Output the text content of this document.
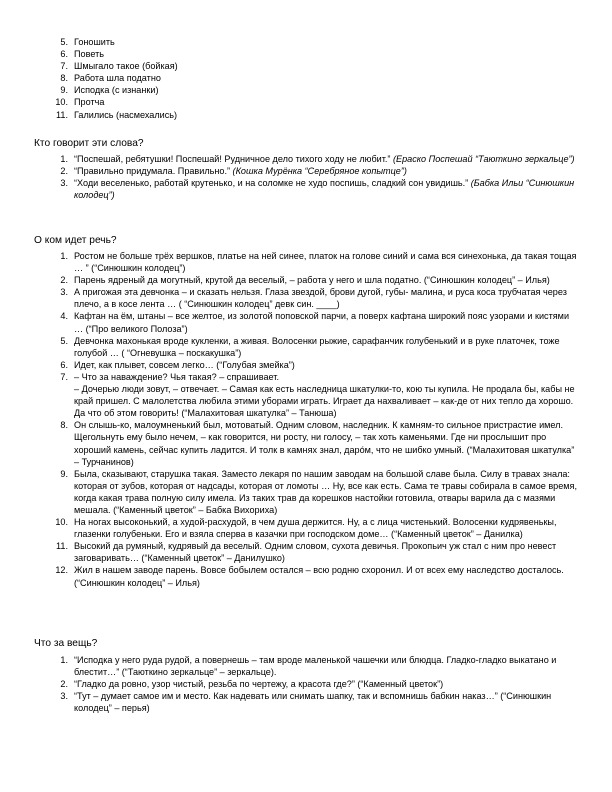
5. Гоношить
6. Поветь
7. Шмыгало такое (бойкая)
8. Работа шла податно
9. Исподка (с изнанки)
10. Протча
11. Галились (насмехались)
Кто говорит эти слова?
1. “Поспешай, ребятушки! Поспешай! Рудничное дело тихого ходу не любит.” (Ераско Поспешай “Таюткино зеркальце”)
2. “Правильно придумала. Правильно.” (Кошка Мурёнка “Серебряное копытце”)
3. “Ходи веселенько, работай крутенько, и на соломке не худо поспишь, сладкий сон увидишь.” (Бабка Ильи “Синюшкин колодец”)
О ком идет речь?
1. Ростом не больше трёх вершков, платье на ней синее, платок на голове синий и сама вся синехонька, да такая тощая … ” (“Синюшкин колодец”)
2. Парень ядреный да могутный, крутой да веселый, – работа у него и шла податно. (“Синюшкин колодец” – Илья)
3. А пригожая эта девчонка – и сказать нельзя. Глаза звездой, брови дугой, губы- малина, и руса коса трубчатая через плечо, а в косе лента … ( “Синюшкин колодец” девк син. ____)
4. Кафтан на ём, штаны – все желтое, из золотой поповской парчи, а поверх кафтана широкий пояс узорами и кистями … (“Про великого Полоза”)
5. Девчонка махонькая вроде кукленки, а живая. Волосенки рыжие, сарафанчик голубенький и в руке платочек, тоже голубой … ( “Огневушка – поскакушка”)
6. Идет, как плывет, совсем легко… (“Голубая змейка”)
7. – Что за наваждение? Чья такая? – спрашивает.
– Дочерью люди зовут, – отвечает. – Самая как есть наследница шкатулки-то, кою ты купила. Не продала бы, кабы не край пришел. С малолетства любила этими уборами играть. Играет да нахваливает – как-де от них тепло да хорошо. Да что об этом говорить! (“Малахитовая шкатулка” – Танюша)
8. Он слышь-ко, малоумненький был, мотоватый. Одним словом, наследник. К камням-то сильное пристрастие имел. Щегольнуть ему было нечем, – как говорится, ни росту, ни голосу, – так хоть каменьями. Где ни прослышит про хороший камень, сейчас купить ладится. И толк в камнях знал, дарóм, что не шибко умный. (“Малахитовая шкатулка” – Турчанинов)
9. Была, сказывают, старушка такая. Заместо лекаря по нашим заводам на большой славе была. Силу в травах знала: которая от зубов, которая от надсады, которая от ломоты … Ну, все как есть. Сама те травы собирала в самое время, когда какая трава полную силу имела. Из таких трав да корешков настойки готовила, отвары варила да с мазями мешала. (“Каменный цветок” – Бабка Вихориха)
10. На ногах высоконький, а худой-расхудой, в чем душа держится. Ну, а с лица чистенький. Волосенки кудрявенькы, глазенки голубеньки. Его и взяла сперва в казачки при господском доме… (“Каменный цветок” – Данилка)
11. Высокий да румяный, кудрявый да веселый. Одним словом, сухота девичья. Прокопьич уж стал с ним про невест заговаривать… (“Каменный цветок” – Данилушко)
12. Жил в нашем заводе парень. Вовсе бобылем остался – всю родню схоронил. И от всех ему наследство досталось. (“Синюшкин колодец” – Илья)
Что за вещь?
1. “Исподка у него руда рудой, а повернешь – там вроде маленькой чашечки или блюдца. Гладко-гладко выкатано и блестит…” (“Таюткино зеркальце” – зеркальце).
2. “Гладко да ровно, узор чистый, резьба по чертежу, а красота где?” (“Каменный цветок”)
3. “Тут – думает самое им и место. Как надевать или снимать шапку, так и вспомнишь бабкин наказ…” (“Синюшкин колодец” – перья)
